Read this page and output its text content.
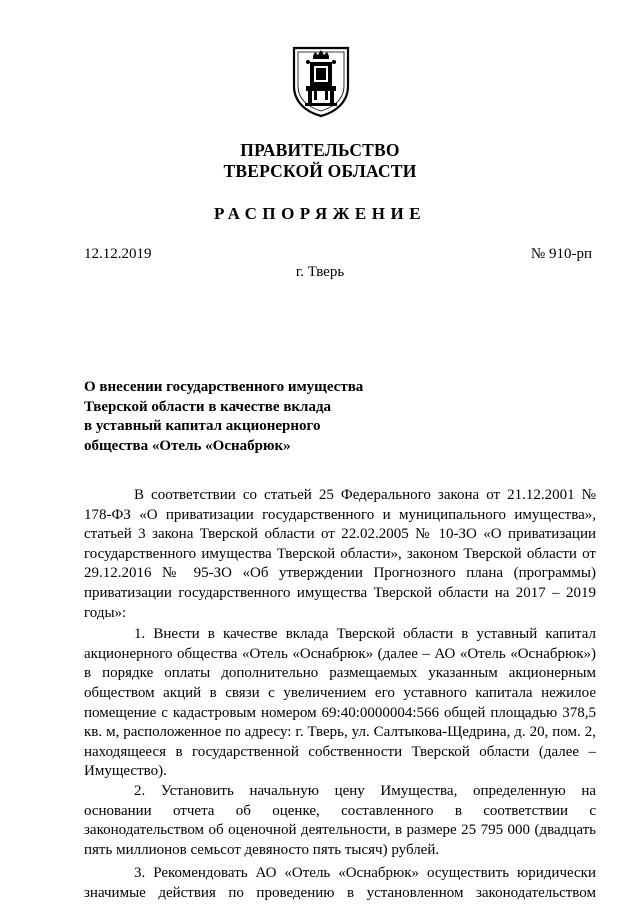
ПРАВИТЕЛЬСТВО
ТВЕРСКОЙ ОБЛАСТИ
РАСПОРЯЖЕНИЕ
12.12.2019	№ 910-рп
г. Тверь
О внесении государственного имущества
Тверской области в качестве вклада
в уставный капитал акционерного
общества «Отель «Оснабрюк»

В соответствии со статьей 25 Федерального закона от 21.12.2001 № 178-ФЗ «О приватизации государственного и муниципального имущества», статьей 3 закона Тверской области от 22.02.2005 № 10-ЗО «О приватизации государственного имущества Тверской области», законом Тверской области от 29.12.2016 № 95-ЗО «Об утверждении Прогнозного плана (программы) приватизации государственного имущества Тверской области на 2017 – 2019 годы»:

1. Внести в качестве вклада Тверской области в уставный капитал акционерного общества «Отель «Оснабрюк» (далее – АО «Отель «Оснабрюк») в порядке оплаты дополнительно размещаемых указанным акционерным обществом акций в связи с увеличением его уставного капитала нежилое помещение с кадастровым номером 69:40:0000004:566 общей площадью 378,5 кв. м, расположенное по адресу: г. Тверь, ул. Салтыкова-Щедрина, д. 20, пом. 2, находящееся в государственной собственности Тверской области (далее – Имущество).

2. Установить начальную цену Имущества, определенную на основании отчета об оценке, составленного в соответствии с законодательством об оценочной деятельности, в размере 25 795 000 (двадцать пять миллионов семьсот девяносто пять тысяч) рублей.

3. Рекомендовать АО «Отель «Оснабрюк» осуществить юридически значимые действия по проведению в установленном законодательством
